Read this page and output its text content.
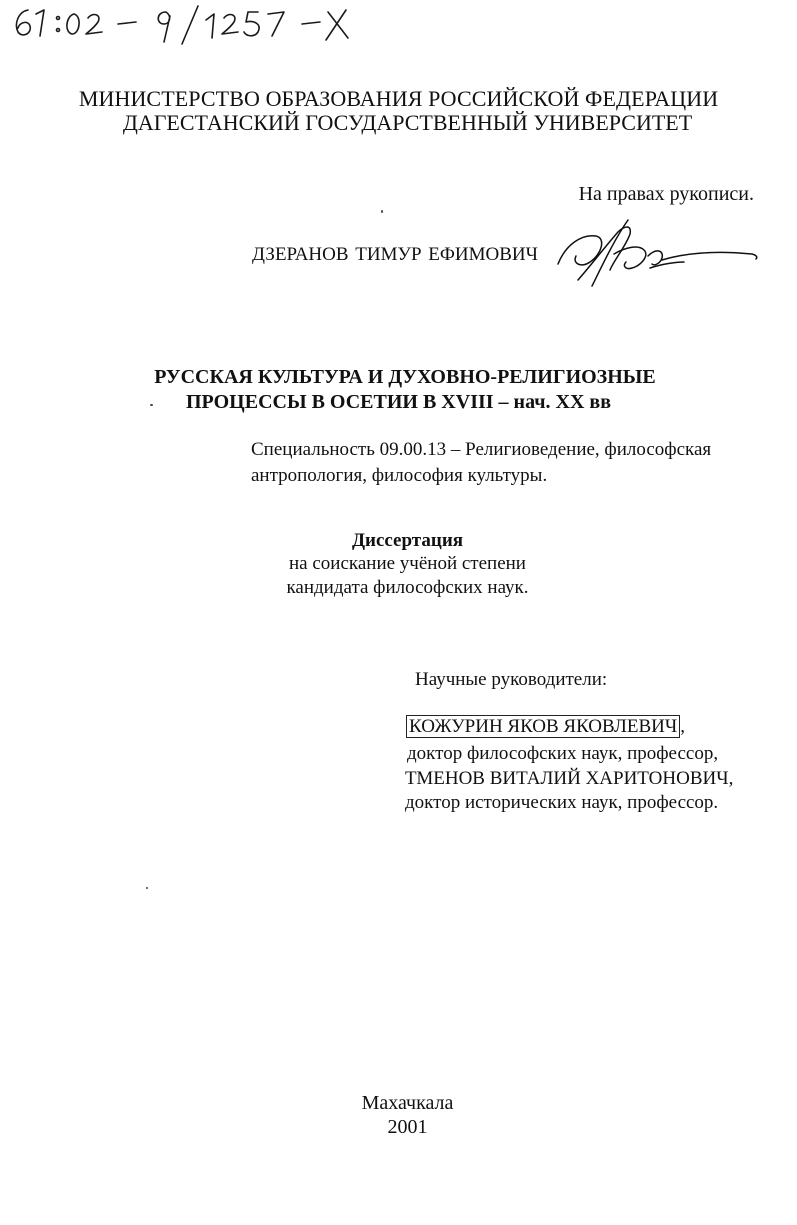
МИНИСТЕРСТВО ОБРАЗОВАНИЯ РОССИЙСКОЙ ФЕДЕРАЦИИ
ДАГЕСТАНСКИЙ ГОСУДАРСТВЕННЫЙ УНИВЕРСИТЕТ
На правах рукописи.
ДЗЕРАНОВ ТИМУР ЕФИМОВИЧ
РУССКАЯ КУЛЬТУРА И ДУХОВНО-РЕЛИГИОЗНЫЕ
ПРОЦЕССЫ В ОСЕТИИ В XVIII – нач. XX вв
Специальность 09.00.13 – Религиоведение, философская
антропология, философия культуры.
Диссертация
на соискание учёной степени
кандидата философских наук.
Научные руководители:
КОЖУРИН ЯКОВ ЯКОВЛЕВИЧ ,
доктор философских наук, профессор,
ТМЕНОВ ВИТАЛИЙ ХАРИТОНОВИЧ,
доктор исторических наук, профессор.
Махачкала
2001
